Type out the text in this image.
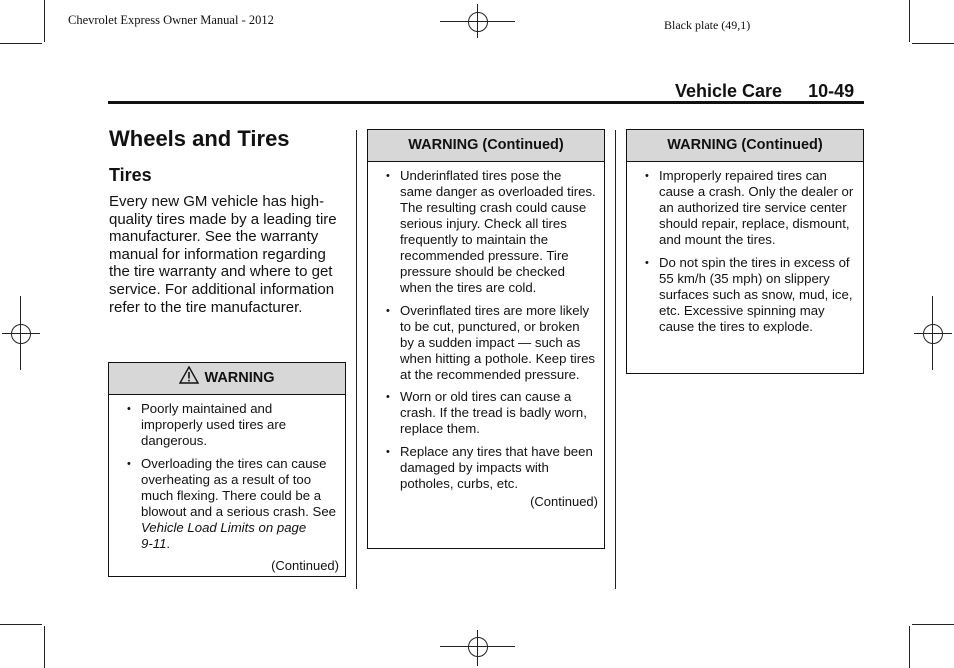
Chevrolet Express Owner Manual - 2012	Black plate (49,1)
Vehicle Care 10-49
Wheels and Tires
Tires

Every new GM vehicle has high-quality tires made by a leading tire manufacturer. See the warranty manual for information regarding the tire warranty and where to get service. For additional information refer to the tire manufacturer.

WARNING
• Poorly maintained and improperly used tires are dangerous.
• Overloading the tires can cause overheating as a result of too much flexing. There could be a blowout and a serious crash. See Vehicle Load Limits on page 9‑11.
(Continued)
WARNING (Continued)
• Underinflated tires pose the same danger as overloaded tires. The resulting crash could cause serious injury. Check all tires frequently to maintain the recommended pressure. Tire pressure should be checked when the tires are cold.
• Overinflated tires are more likely to be cut, punctured, or broken by a sudden impact — such as when hitting a pothole. Keep tires at the recommended pressure.
• Worn or old tires can cause a crash. If the tread is badly worn, replace them.
• Replace any tires that have been damaged by impacts with potholes, curbs, etc.
(Continued)
WARNING (Continued)
• Improperly repaired tires can cause a crash. Only the dealer or an authorized tire service center should repair, replace, dismount, and mount the tires.
• Do not spin the tires in excess of 55 km/h (35 mph) on slippery surfaces such as snow, mud, ice, etc. Excessive spinning may cause the tires to explode.
